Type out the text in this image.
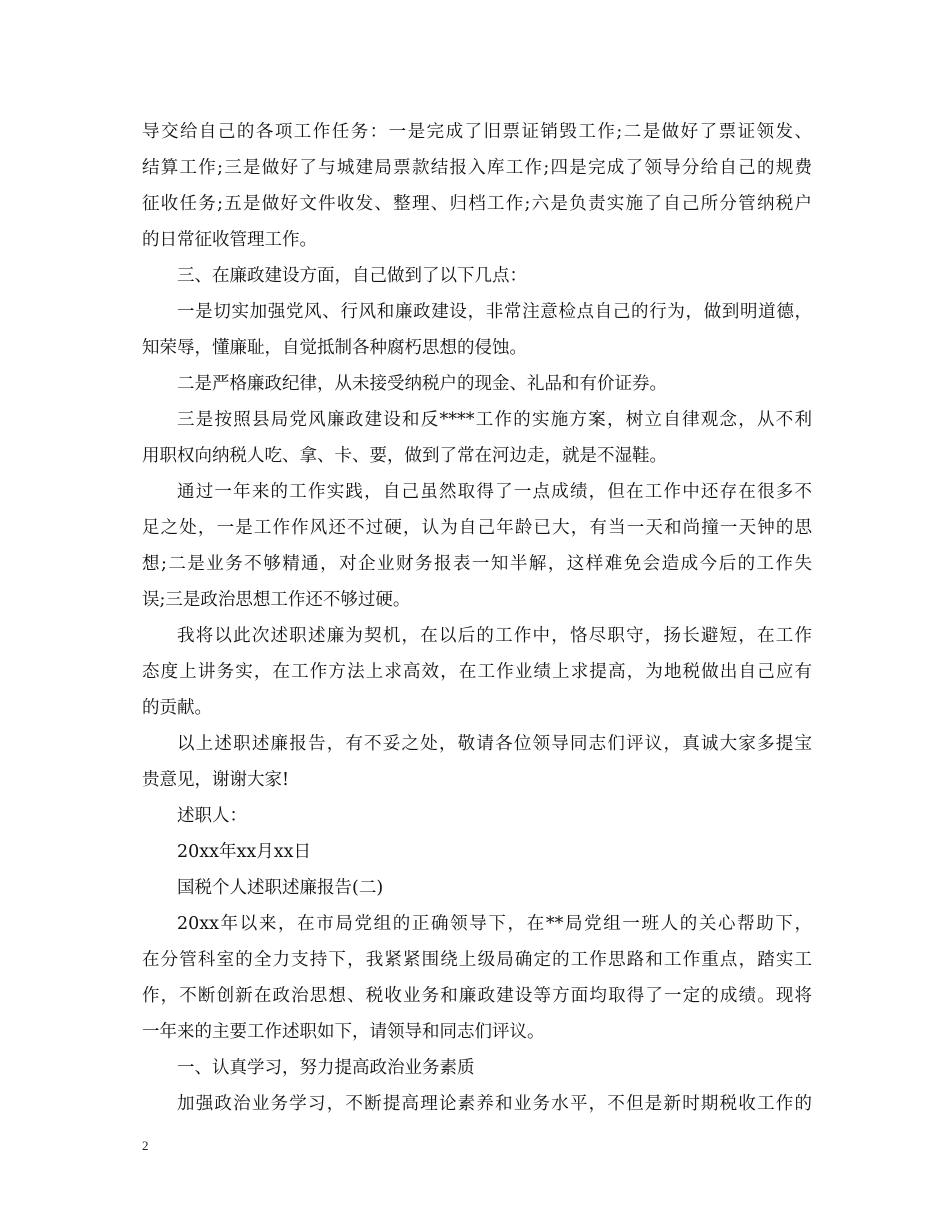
导交给自己的各项工作任务：一是完成了旧票证销毁工作;二是做好了票证领发、
结算工作;三是做好了与城建局票款结报入库工作;四是完成了领导分给自己的规费
征收任务;五是做好文件收发、整理、归档工作;六是负责实施了自己所分管纳税户
的日常征收管理工作。
三、在廉政建设方面，自己做到了以下几点：
一是切实加强党风、行风和廉政建设，非常注意检点自己的行为，做到明道德，
知荣辱，懂廉耻，自觉抵制各种腐朽思想的侵蚀。
二是严格廉政纪律，从未接受纳税户的现金、礼品和有价证券。
三是按照县局党风廉政建设和反****工作的实施方案，树立自律观念，从不利
用职权向纳税人吃、拿、卡、要，做到了常在河边走，就是不湿鞋。
通过一年来的工作实践，自己虽然取得了一点成绩，但在工作中还存在很多不
足之处，一是工作作风还不过硬，认为自己年龄已大，有当一天和尚撞一天钟的思
想;二是业务不够精通，对企业财务报表一知半解，这样难免会造成今后的工作失
误;三是政治思想工作还不够过硬。
我将以此次述职述廉为契机，在以后的工作中，恪尽职守，扬长避短，在工作
态度上讲务实，在工作方法上求高效，在工作业绩上求提高，为地税做出自己应有
的贡献。
以上述职述廉报告，有不妥之处，敬请各位领导同志们评议，真诚大家多提宝
贵意见，谢谢大家!
述职人：
20xx年xx月xx日
国税个人述职述廉报告(二)
20xx年以来，在市局党组的正确领导下，在**局党组一班人的关心帮助下，
在分管科室的全力支持下，我紧紧围绕上级局确定的工作思路和工作重点，踏实工
作，不断创新在政治思想、税收业务和廉政建设等方面均取得了一定的成绩。现将
一年来的主要工作述职如下，请领导和同志们评议。
一、认真学习，努力提高政治业务素质
加强政治业务学习，不断提高理论素养和业务水平，不但是新时期税收工作的
2
